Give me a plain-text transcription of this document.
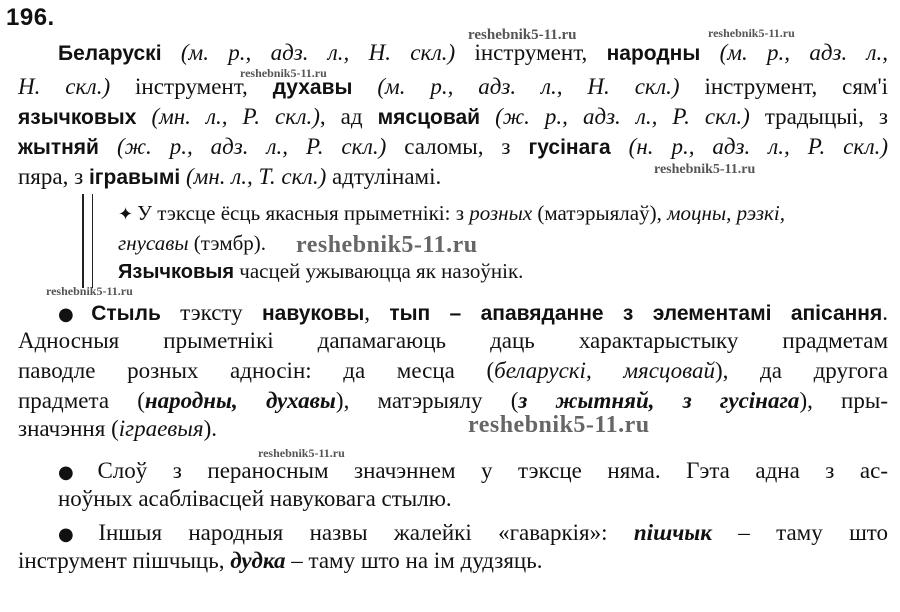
196.
reshebnik5-11.ru	reshebnik5-11.ru
reshebnik5-11.ru
reshebnik5-11.ru
reshebnik5-11.ru
reshebnik5-11.ru
reshebnik5-11.ru
reshebnik5-11.ru
Беларускі (м. р., адз. л., Н. скл.) інструмент, народны (м. р., адз. л.,
Н. скл.) інструмент, духавы (м. р., адз. л., Н. скл.) інструмент, сям'і
язычковых (мн. л., Р. скл.), ад мясцовай (ж. р., адз. л., Р. скл.) традыцыі, з
жытняй (ж. р., адз. л., Р. скл.) саломы, з гусінага (н. р., адз. л., Р. скл.)
пяра, з ігравымі (мн. л., Т. скл.) адтулінамі.
✦ У тэксце ёсць якасныя прыметнікі: з розных (матэрыялаў), моцны, рэзкі,
гнусавы (тэмбр).
Язычковыя часцей ужываюцца як назоўнік.
● Стыль тэксту навуковы, тып – апавяданне з элементамі апісання.
Адносныя прыметнікі дапамагаюць даць характарыстыку прадметам
паводле розных адносін: да месца (беларускі, мясцовай), да другога
прадмета (народны, духавы), матэрыялу (з жытняй, з гусінага), пры-
значэння (іграевыя).
● Слоў з пераносным значэннем у тэксце няма. Гэта адна з ас-
ноўных асаблівасцей навуковага стылю.
● Іншыя народныя назвы жалейкі «гаваркія»: пішчык – таму што
інструмент пішчыць, дудка – таму што на ім дудзяць.
